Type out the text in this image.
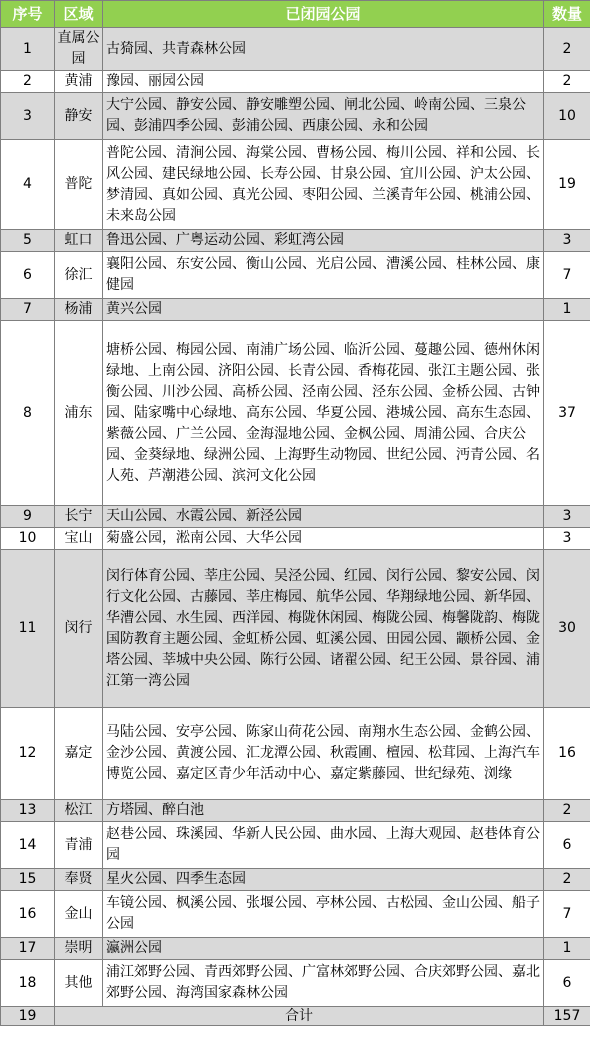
序号	区域	已闭园公园	数量
1	直属公园	古猗园、共青森林公园	2
2	黄浦	豫园、丽园公园	2
3	静安	大宁公园、静安公园、静安雕塑公园、闸北公园、岭南公园、三泉公园、彭浦四季公园、彭浦公园、西康公园、永和公园	10
4	普陀	普陀公园、清涧公园、海棠公园、曹杨公园、梅川公园、祥和公园、长风公园、建民绿地公园、长寿公园、甘泉公园、宜川公园、沪太公园、梦清园、真如公园、真光公园、枣阳公园、兰溪青年公园、桃浦公园、未来岛公园	19
5	虹口	鲁迅公园、广粤运动公园、彩虹湾公园	3
6	徐汇	襄阳公园、东安公园、衡山公园、光启公园、漕溪公园、桂林公园、康健园	7
7	杨浦	黄兴公园	1
8	浦东	塘桥公园、梅园公园、南浦广场公园、临沂公园、蔓趣公园、德州休闲绿地、上南公园、济阳公园、长青公园、香梅花园、张江主题公园、张衡公园、川沙公园、高桥公园、泾南公园、泾东公园、金桥公园、古钟园、陆家嘴中心绿地、高东公园、华夏公园、港城公园、高东生态园、紫薇公园、广兰公园、金海湿地公园、金枫公园、周浦公园、合庆公园、金葵绿地、绿洲公园、上海野生动物园、世纪公园、沔青公园、名人苑、芦潮港公园、滨河文化公园	37
9	长宁	天山公园、水霞公园、新泾公园	3
10	宝山	菊盛公园，淞南公园、大华公园	3
11	闵行	闵行体育公园、莘庄公园、吴泾公园、红园、闵行公园、黎安公园、闵行文化公园、古藤园、莘庄梅园、航华公园、华翔绿地公园、新华园、华漕公园、水生园、西洋园、梅陇休闲园、梅陇公园、梅馨陇韵、梅陇国防教育主题公园、金虹桥公园、虹溪公园、田园公园、颛桥公园、金塔公园、莘城中央公园、陈行公园、诸翟公园、纪王公园、景谷园、浦江第一湾公园	30
12	嘉定	马陆公园、安亭公园、陈家山荷花公园、南翔水生态公园、金鹤公园、金沙公园、黄渡公园、汇龙潭公园、秋霞圃、檀园、松茸园、上海汽车博览公园、嘉定区青少年活动中心、嘉定紫藤园、世纪绿苑、浏缘	16
13	松江	方塔园、醉白池	2
14	青浦	赵巷公园、珠溪园、华新人民公园、曲水园、上海大观园、赵巷体育公园	6
15	奉贤	星火公园、四季生态园	2
16	金山	车镜公园、枫溪公园、张堰公园、亭林公园、古松园、金山公园、船子公园	7
17	崇明	瀛洲公园	1
18	其他	浦江郊野公园、青西郊野公园、广富林郊野公园、合庆郊野公园、嘉北郊野公园、海湾国家森林公园	6
19	合计		157
